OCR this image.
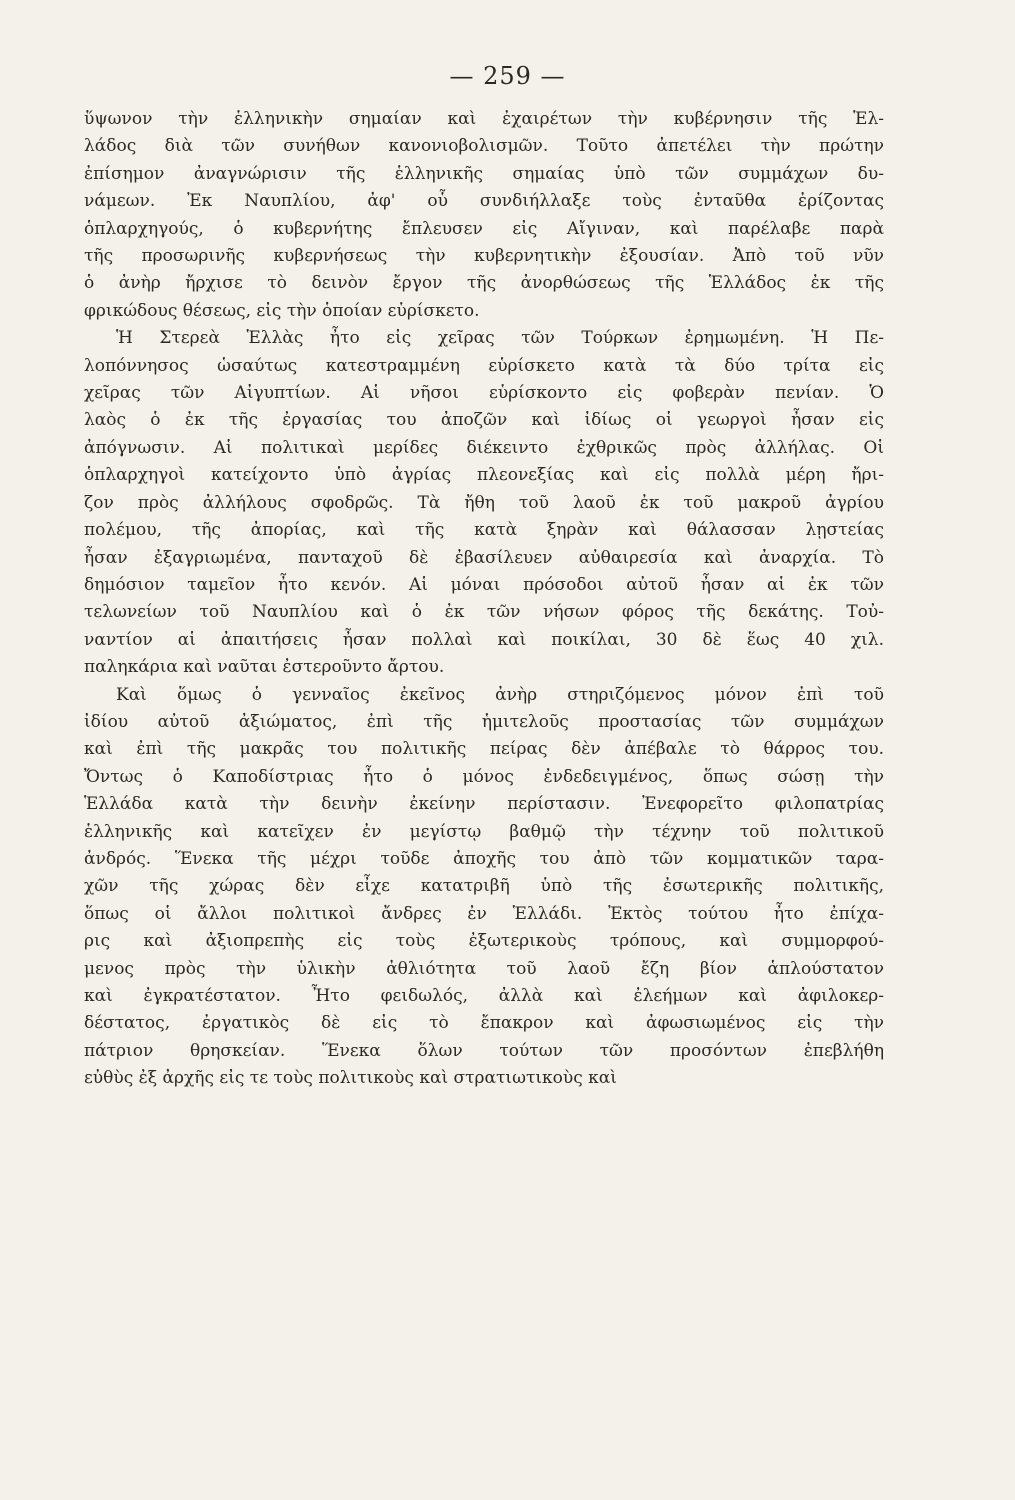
— 259 —

ὕψωνον τὴν ἑλληνικὴν σημαίαν καὶ ἐχαιρέτων τὴν κυβέρνησιν τῆς Ἑλ-
λάδος διὰ τῶν συνήθων κανονιοβολισμῶν. Τοῦτο ἀπετέλει τὴν πρώτην
ἐπίσημον ἀναγνώρισιν τῆς ἑλληνικῆς σημαίας ὑπὸ τῶν συμμάχων δυ-
νάμεων. Ἐκ Ναυπλίου, ἀφ' οὗ συνδιήλλαξε τοὺς ἐνταῦθα ἐρίζοντας
ὁπλαρχηγούς, ὁ κυβερνήτης ἔπλευσεν εἰς Αἴγιναν, καὶ παρέλαβε παρὰ
τῆς προσωρινῆς κυβερνήσεως τὴν κυβερνητικὴν ἐξουσίαν. Ἀπὸ τοῦ νῦν
ὁ ἀνὴρ ἤρχισε τὸ δεινὸν ἔργον τῆς ἀνορθώσεως τῆς Ἑλλάδος ἐκ τῆς
φρικώδους θέσεως, εἰς τὴν ὁποίαν εὑρίσκετο.

Ἡ Στερεὰ Ἑλλὰς ἦτο εἰς χεῖρας τῶν Τούρκων ἐρημωμένη. Ἡ Πε-
λοπόννησος ὡσαύτως κατεστραμμένη εὑρίσκετο κατὰ τὰ δύο τρίτα εἰς
χεῖρας τῶν Αἰγυπτίων. Αἱ νῆσοι εὑρίσκοντο εἰς φοβερὰν πενίαν. Ὁ
λαὸς ὁ ἐκ τῆς ἐργασίας του ἀποζῶν καὶ ἰδίως οἱ γεωργοὶ ἦσαν εἰς
ἀπόγνωσιν. Αἱ πολιτικαὶ μερίδες διέκειντο ἐχθρικῶς πρὸς ἀλλήλας. Οἱ
ὁπλαρχηγοὶ κατείχοντο ὑπὸ ἀγρίας πλεονεξίας καὶ εἰς πολλὰ μέρη ἤρι-
ζον πρὸς ἀλλήλους σφοδρῶς. Τὰ ἤθη τοῦ λαοῦ ἐκ τοῦ μακροῦ ἀγρίου
πολέμου, τῆς ἀπορίας, καὶ τῆς κατὰ ξηρὰν καὶ θάλασσαν λῃστείας
ἦσαν ἐξαγριωμένα, πανταχοῦ δὲ ἐβασίλευεν αὐθαιρεσία καὶ ἀναρχία. Τὸ
δημόσιον ταμεῖον ἦτο κενόν. Αἱ μόναι πρόσοδοι αὐτοῦ ἦσαν αἱ ἐκ τῶν
τελωνείων τοῦ Ναυπλίου καὶ ὁ ἐκ τῶν νήσων φόρος τῆς δεκάτης. Τοὐ-
ναντίον αἱ ἀπαιτήσεις ἦσαν πολλαὶ καὶ ποικίλαι, 30 δὲ ἕως 40 χιλ.
παληκάρια καὶ ναῦται ἐστεροῦντο ἄρτου.

Καὶ ὅμως ὁ γενναῖος ἐκεῖνος ἀνὴρ στηριζόμενος μόνον ἐπὶ τοῦ
ἰδίου αὐτοῦ ἀξιώματος, ἐπὶ τῆς ἡμιτελοῦς προστασίας τῶν συμμάχων
καὶ ἐπὶ τῆς μακρᾶς του πολιτικῆς πείρας δὲν ἀπέβαλε τὸ θάρρος του.
Ὄντως ὁ Καποδίστριας ἦτο ὁ μόνος ἐνδεδειγμένος, ὅπως σώσῃ τὴν
Ἑλλάδα κατὰ τὴν δεινὴν ἐκείνην περίστασιν. Ἐνεφορεῖτο φιλοπατρίας
ἑλληνικῆς καὶ κατεῖχεν ἐν μεγίστῳ βαθμῷ τὴν τέχνην τοῦ πολιτικοῦ
ἀνδρός. Ἕνεκα τῆς μέχρι τοῦδε ἀποχῆς του ἀπὸ τῶν κομματικῶν ταρα-
χῶν τῆς χώρας δὲν εἶχε κατατριβῆ ὑπὸ τῆς ἐσωτερικῆς πολιτικῆς,
ὅπως οἱ ἄλλοι πολιτικοὶ ἄνδρες ἐν Ἑλλάδι. Ἐκτὸς τούτου ἦτο ἐπίχα-
ρις καὶ ἀξιοπρεπὴς εἰς τοὺς ἐξωτερικοὺς τρόπους, καὶ συμμορφού-
μενος πρὸς τὴν ὑλικὴν ἀθλιότητα τοῦ λαοῦ ἔζη βίον ἁπλούστατον
καὶ ἐγκρατέστατον. Ἦτο φειδωλός, ἀλλὰ καὶ ἐλεήμων καὶ ἀφιλοκερ-
δέστατος, ἐργατικὸς δὲ εἰς τὸ ἔπακρον καὶ ἀφωσιωμένος εἰς τὴν
πάτριον θρησκείαν. Ἕνεκα ὅλων τούτων τῶν προσόντων ἐπεβλήθη
εὐθὺς ἐξ ἀρχῆς εἰς τε τοὺς πολιτικοὺς καὶ στρατιωτικοὺς καὶ
